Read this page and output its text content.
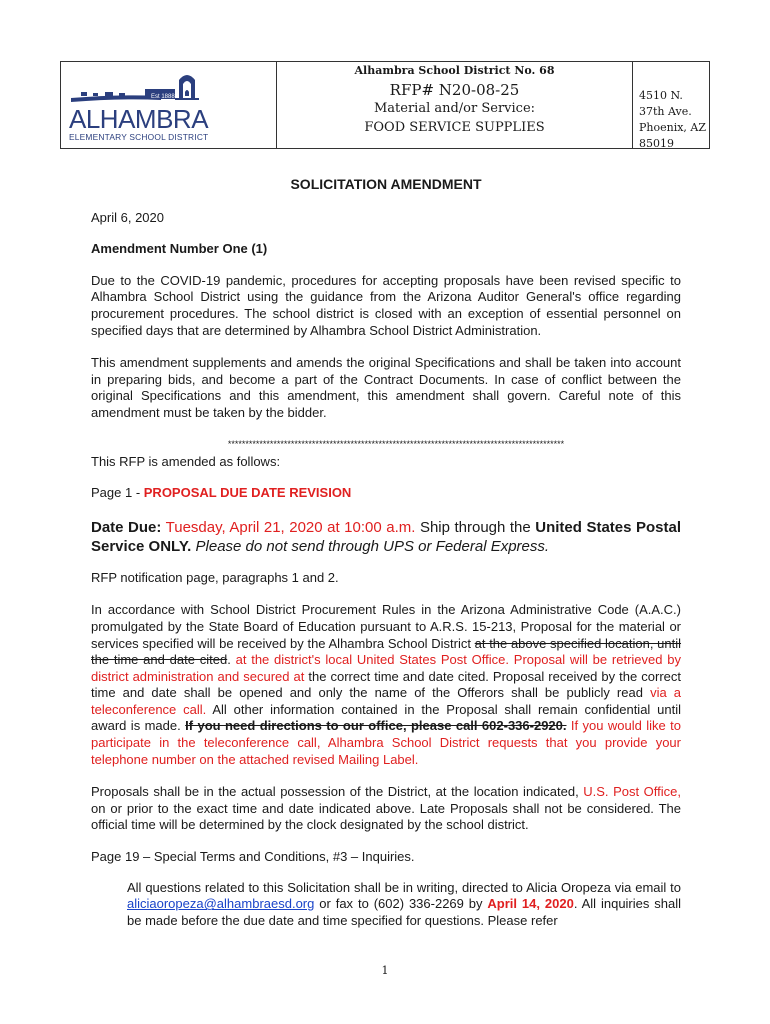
Est 1888
ALHAMBRA
ELEMENTARY SCHOOL DISTRICT
Alhambra School District No. 68
RFP# N20-08-25
Material and/or Service:
FOOD SERVICE SUPPLIES
4510 N. 37th Ave.
Phoenix, AZ 85019

SOLICITATION AMENDMENT

April 6, 2020

Amendment Number One (1)

Due to the COVID-19 pandemic, procedures for accepting proposals have been revised specific to Alhambra School District using the guidance from the Arizona Auditor General's office regarding procurement procedures. The school district is closed with an exception of essential personnel on specified days that are determined by Alhambra School District Administration.

This amendment supplements and amends the original Specifications and shall be taken into account in preparing bids, and become a part of the Contract Documents. In case of conflict between the original Specifications and this amendment, this amendment shall govern. Careful note of this amendment must be taken by the bidder.

************************************************************************************************

This RFP is amended as follows:

Page 1 - PROPOSAL DUE DATE REVISION

Date Due: Tuesday, April 21, 2020 at 10:00 a.m. Ship through the United States Postal Service ONLY. Please do not send through UPS or Federal Express.

RFP notification page, paragraphs 1 and 2.

In accordance with School District Procurement Rules in the Arizona Administrative Code (A.A.C.) promulgated by the State Board of Education pursuant to A.R.S. 15-213, Proposal for the material or services specified will be received by the Alhambra School District at the above specified location, until the time and date cited. at the district's local United States Post Office. Proposal will be retrieved by district administration and secured at the correct time and date cited. Proposal received by the correct time and date shall be opened and only the name of the Offerors shall be publicly read via a teleconference call. All other information contained in the Proposal shall remain confidential until award is made. If you need directions to our office, please call 602-336-2920. If you would like to participate in the teleconference call, Alhambra School District requests that you provide your telephone number on the attached revised Mailing Label.

Proposals shall be in the actual possession of the District, at the location indicated, U.S. Post Office, on or prior to the exact time and date indicated above. Late Proposals shall not be considered. The official time will be determined by the clock designated by the school district.

Page 19 – Special Terms and Conditions, #3 – Inquiries.

All questions related to this Solicitation shall be in writing, directed to Alicia Oropeza via email to aliciaoropeza@alhambraesd.org or fax to (602) 336-2269 by April 14, 2020. All inquiries shall be made before the due date and time specified for questions. Please refer

1
